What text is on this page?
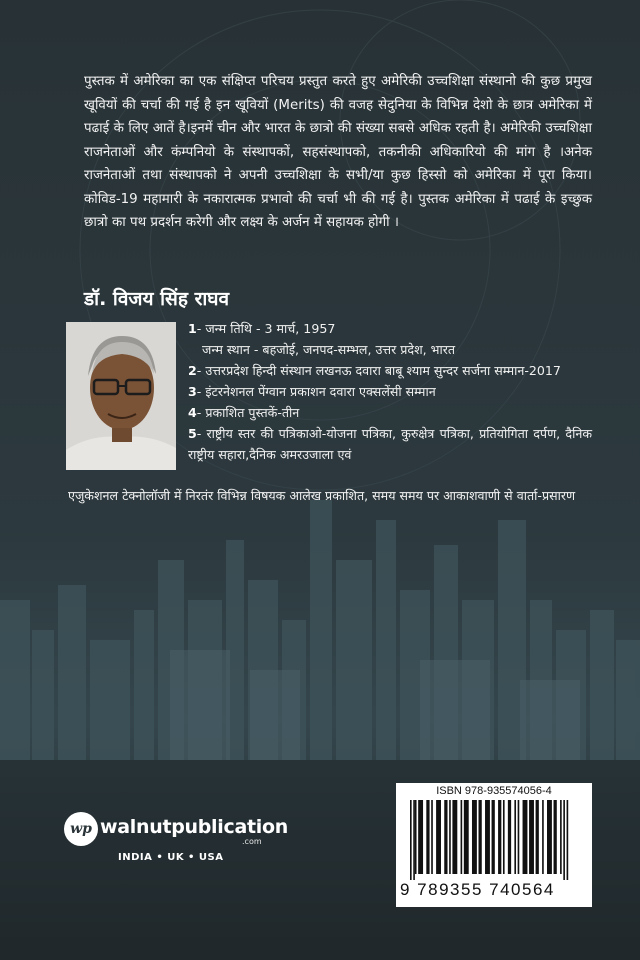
पुस्तक में अमेरिका का एक संक्षिप्त परिचय प्रस्तुत करते हुए अमेरिकी उच्चशिक्षा संस्थानो की कुछ प्रमुख खूवियों की चर्चा की गई है इन खूवियों (Merits) की वजह सेदुनिया के विभिन्न देशो के छात्र अमेरिका में पढाई के लिए आतें है।इनमें चीन और भारत के छात्रो की संख्या सबसे अधिक रहती है। अमेरिकी उच्चशिक्षा राजनेताओं और कंम्पनियो के संस्थापकों, सहसंस्थापको, तकनीकी अधिकारियो की मांग है ।अनेक राजनेताओं तथा संस्थापको ने अपनी उच्चशिक्षा के सभी/या कुछ हिस्सो को अमेरिका में पूरा किया। कोविड-19 महामारी के नकारात्मक प्रभावो की चर्चा भी की गई है। पुस्तक अमेरिका में पढाई के इच्छुक छात्रो का पथ प्रदर्शन करेगी और लक्ष्य के अर्जन में सहायक होगी ।
डॉ. विजय सिंह राघव

1- जन्म तिथि - 3 मार्च, 1957

जन्म स्थान - बहजोई, जनपद-सम्भल, उत्तर प्रदेश, भारत

2- उत्तरप्रदेश हिन्दी संस्थान लखनऊ दवारा बाबू श्याम सुन्दर सर्जना सम्मान-2017

3- इंटरनेशनल पेंग्वान प्रकाशन दवारा एक्सलेंसी सम्मान

4- प्रकाशित पुस्तकें-तीन

5- राष्ट्रीय स्तर की पत्रिकाओ-योजना पत्रिका, कुरुक्षेत्र पत्रिका, प्रतियोगिता दर्पण, दैनिक राष्ट्रीय सहारा,दैनिक अमरउजाला एवं

एजुकेशनल टेक्नोलॉजी में निरतंर विभिन्न विषयक आलेख प्रकाशित, समय समय पर आकाशवाणी से वार्ता-प्रसारण
wp walnutpublication
.com
INDIA • UK • USA
ISBN 978-935574056-4
9 789355 740564
